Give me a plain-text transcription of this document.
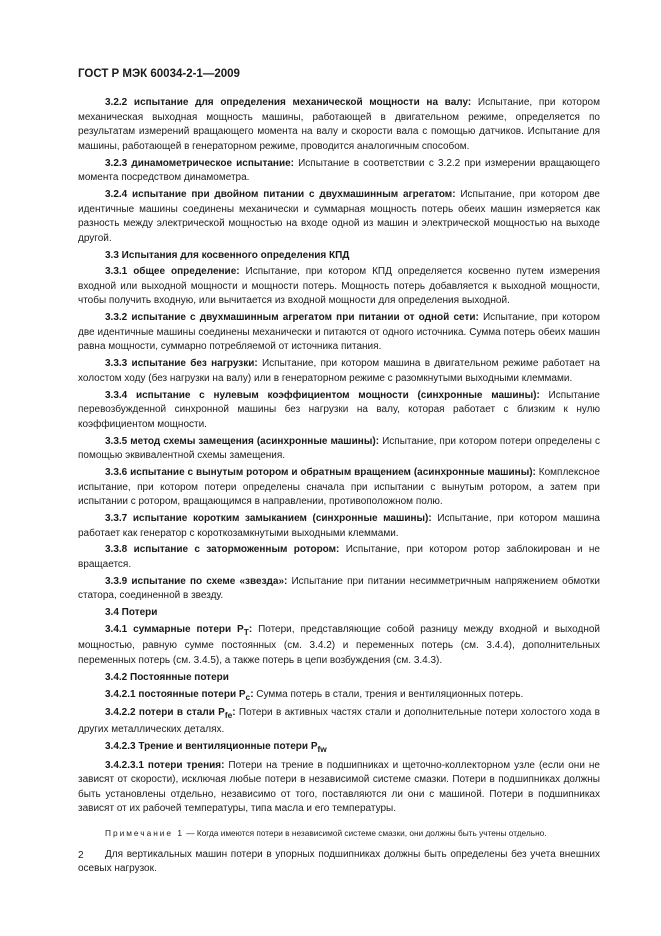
ГОСТ Р МЭК 60034-2-1—2009

3.2.2 испытание для определения механической мощности на валу: Испытание, при котором механическая выходная мощность машины, работающей в двигательном режиме, определяется по результатам измерений вращающего момента на валу и скорости вала с помощью датчиков. Испытание для машины, работающей в генераторном режиме, проводится аналогичным способом.

3.2.3 динамометрическое испытание: Испытание в соответствии с 3.2.2 при измерении вращающего момента посредством динамометра.

3.2.4 испытание при двойном питании с двухмашинным агрегатом: Испытание, при котором две идентичные машины соединены механически и суммарная мощность потерь обеих машин измеряется как разность между электрической мощностью на входе одной из машин и электрической мощностью на выходе другой.

3.3 Испытания для косвенного определения КПД

3.3.1 общее определение: Испытание, при котором КПД определяется косвенно путем измерения входной или выходной мощности и мощности потерь. Мощность потерь добавляется к выходной мощности, чтобы получить входную, или вычитается из входной мощности для определения выходной.

3.3.2 испытание с двухмашинным агрегатом при питании от одной сети: Испытание, при котором две идентичные машины соединены механически и питаются от одного источника. Сумма потерь обеих машин равна мощности, суммарно потребляемой от источника питания.

3.3.3 испытание без нагрузки: Испытание, при котором машина в двигательном режиме работает на холостом ходу (без нагрузки на валу) или в генераторном режиме с разомкнутыми выходными клеммами.

3.3.4 испытание с нулевым коэффициентом мощности (синхронные машины): Испытание перевозбужденной синхронной машины без нагрузки на валу, которая работает с близким к нулю коэффициентом мощности.

3.3.5 метод схемы замещения (асинхронные машины): Испытание, при котором потери определены с помощью эквивалентной схемы замещения.

3.3.6 испытание с вынутым ротором и обратным вращением (асинхронные машины): Комплексное испытание, при котором потери определены сначала при испытании с вынутым ротором, а затем при испытании с ротором, вращающимся в направлении, противоположном полю.

3.3.7 испытание коротким замыканием (синхронные машины): Испытание, при котором машина работает как генератор с короткозамкнутыми выходными клеммами.

3.3.8 испытание с заторможенным ротором: Испытание, при котором ротор заблокирован и не вращается.

3.3.9 испытание по схеме «звезда»: Испытание при питании несимметричным напряжением обмотки статора, соединенной в звезду.

3.4 Потери

3.4.1 суммарные потери $P_T$: Потери, представляющие собой разницу между входной и выходной мощностью, равную сумме постоянных (см. 3.4.2) и переменных потерь (см. 3.4.4), дополнительных переменных потерь (см. 3.4.5), а также потерь в цепи возбуждения (см. 3.4.3).

3.4.2 Постоянные потери

3.4.2.1 постоянные потери $P_c$: Сумма потерь в стали, трения и вентиляционных потерь.

3.4.2.2 потери в стали $P_{fe}$: Потери в активных частях стали и дополнительные потери холостого хода в других металлических деталях.

3.4.2.3 Трение и вентиляционные потери $P_{fw}$

3.4.2.3.1 потери трения: Потери на трение в подшипниках и щеточно-коллекторном узле (если они не зависят от скорости), исключая любые потери в независимой системе смазки. Потери в подшипниках должны быть установлены отдельно, независимо от того, поставляются ли они с машиной. Потери в подшипниках зависят от их рабочей температуры, типа масла и его температуры.

Примечание 1 — Когда имеются потери в независимой системе смазки, они должны быть учтены отдельно.

Для вертикальных машин потери в упорных подшипниках должны быть определены без учета внешних осевых нагрузок.

2
